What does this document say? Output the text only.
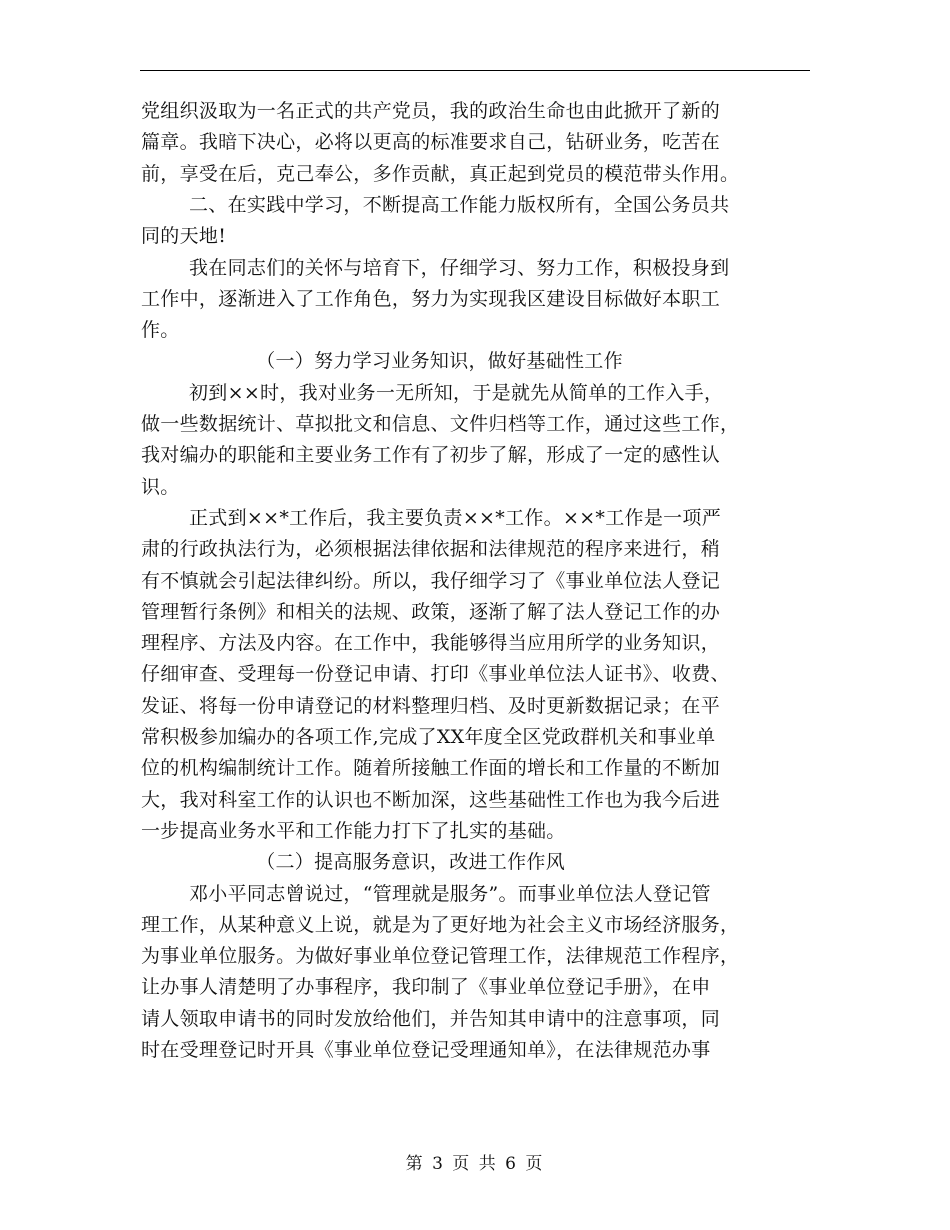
党组织汲取为一名正式的共产党员，我的政治生命也由此掀开了新的
篇章。我暗下决心，必将以更高的标准要求自己，钻研业务，吃苦在
前，享受在后，克己奉公，多作贡献，真正起到党员的模范带头作用。
二、在实践中学习，不断提高工作能力版权所有，全国公务员共
同的天地!
我在同志们的关怀与培育下，仔细学习、努力工作，积极投身到
工作中，逐渐进入了工作角色，努力为实现我区建设目标做好本职工
作。
（一）努力学习业务知识，做好基础性工作
初到××时，我对业务一无所知，于是就先从简单的工作入手，
做一些数据统计、草拟批文和信息、文件归档等工作，通过这些工作，
我对编办的职能和主要业务工作有了初步了解，形成了一定的感性认
识。
正式到××*工作后，我主要负责××*工作。××*工作是一项严
肃的行政执法行为，必须根据法律依据和法律规范的程序来进行，稍
有不慎就会引起法律纠纷。所以，我仔细学习了《事业单位法人登记
管理暂行条例》和相关的法规、政策，逐渐了解了法人登记工作的办
理程序、方法及内容。在工作中，我能够得当应用所学的业务知识，
仔细审查、受理每一份登记申请、打印《事业单位法人证书》、收费、
发证、将每一份申请登记的材料整理归档、及时更新数据记录；在平
常积极参加编办的各项工作,完成了XX年度全区党政群机关和事业单
位的机构编制统计工作。随着所接触工作面的增长和工作量的不断加
大，我对科室工作的认识也不断加深，这些基础性工作也为我今后进
一步提高业务水平和工作能力打下了扎实的基础。
（二）提高服务意识，改进工作作风
邓小平同志曾说过，“管理就是服务”。而事业单位法人登记管
理工作，从某种意义上说，就是为了更好地为社会主义市场经济服务，
为事业单位服务。为做好事业单位登记管理工作，法律规范工作程序，
让办事人清楚明了办事程序，我印制了《事业单位登记手册》，在申
请人领取申请书的同时发放给他们，并告知其申请中的注意事项，同
时在受理登记时开具《事业单位登记受理通知单》，在法律规范办事
第 3 页 共 6 页
